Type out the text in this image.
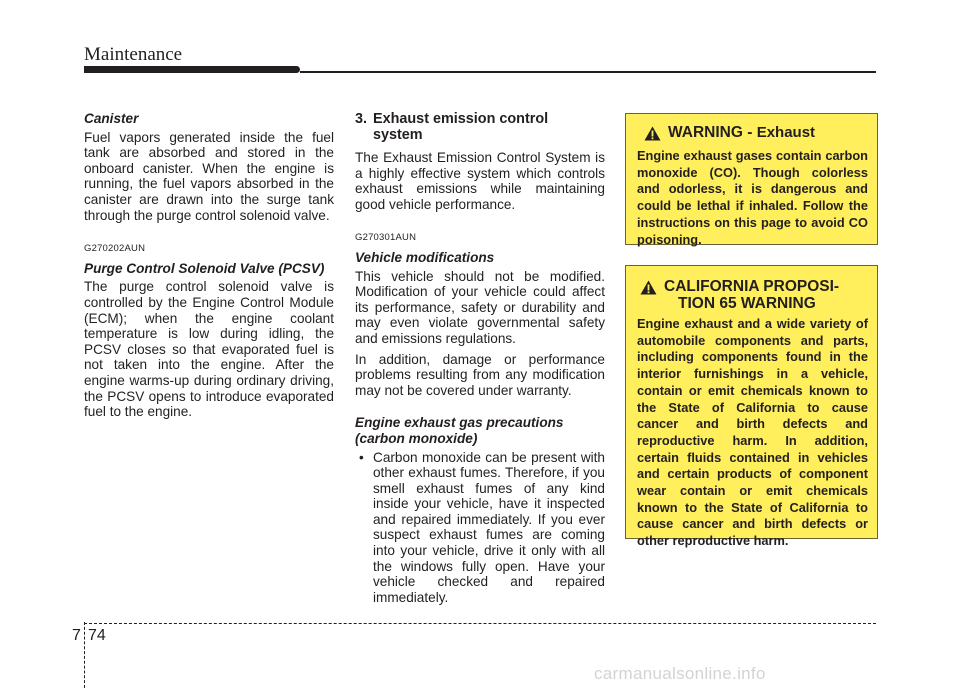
Maintenance
Canister

Fuel vapors generated inside the fuel tank are absorbed and stored in the onboard canister. When the engine is running, the fuel vapors absorbed in the canister are drawn into the surge tank through the purge control solenoid valve.

G270202AUN
Purge Control Solenoid Valve (PCSV)

The purge control solenoid valve is controlled by the Engine Control Module (ECM); when the engine coolant temperature is low during idling, the PCSV closes so that evaporated fuel is not taken into the engine. After the engine warms-up during ordinary driving, the PCSV opens to introduce evaporated fuel to the engine.

3. Exhaust emission control
system

The Exhaust Emission Control System is a highly effective system which controls exhaust emissions while maintaining good vehicle performance.

G270301AUN
Vehicle modifications

This vehicle should not be modified. Modification of your vehicle could affect its performance, safety or durability and may even violate governmental safety and emissions regulations.

In addition, damage or performance problems resulting from any modification may not be covered under warranty.

Engine exhaust gas precautions (carbon monoxide)
• Carbon monoxide can be present with other exhaust fumes. Therefore, if you smell exhaust fumes of any kind inside your vehicle, have it inspected and repaired immediately. If you ever suspect exhaust fumes are coming into your vehicle, drive it only with all the windows fully open. Have your vehicle checked and repaired immediately.
WARNING - Exhaust
Engine exhaust gases contain carbon monoxide (CO). Though colorless and odorless, it is dangerous and could be lethal if inhaled. Follow the instructions on this page to avoid CO poisoning.
CALIFORNIA PROPOSI-
TION 65 WARNING
Engine exhaust and a wide variety of automobile components and parts, including components found in the interior furnishings in a vehicle, contain or emit chemicals known to the State of California to cause cancer and birth defects and reproductive harm. In addition, certain fluids contained in vehicles and certain products of component wear contain or emit chemicals known to the State of California to cause cancer and birth defects or other reproductive harm.
7 74
carmanualsonline.info
